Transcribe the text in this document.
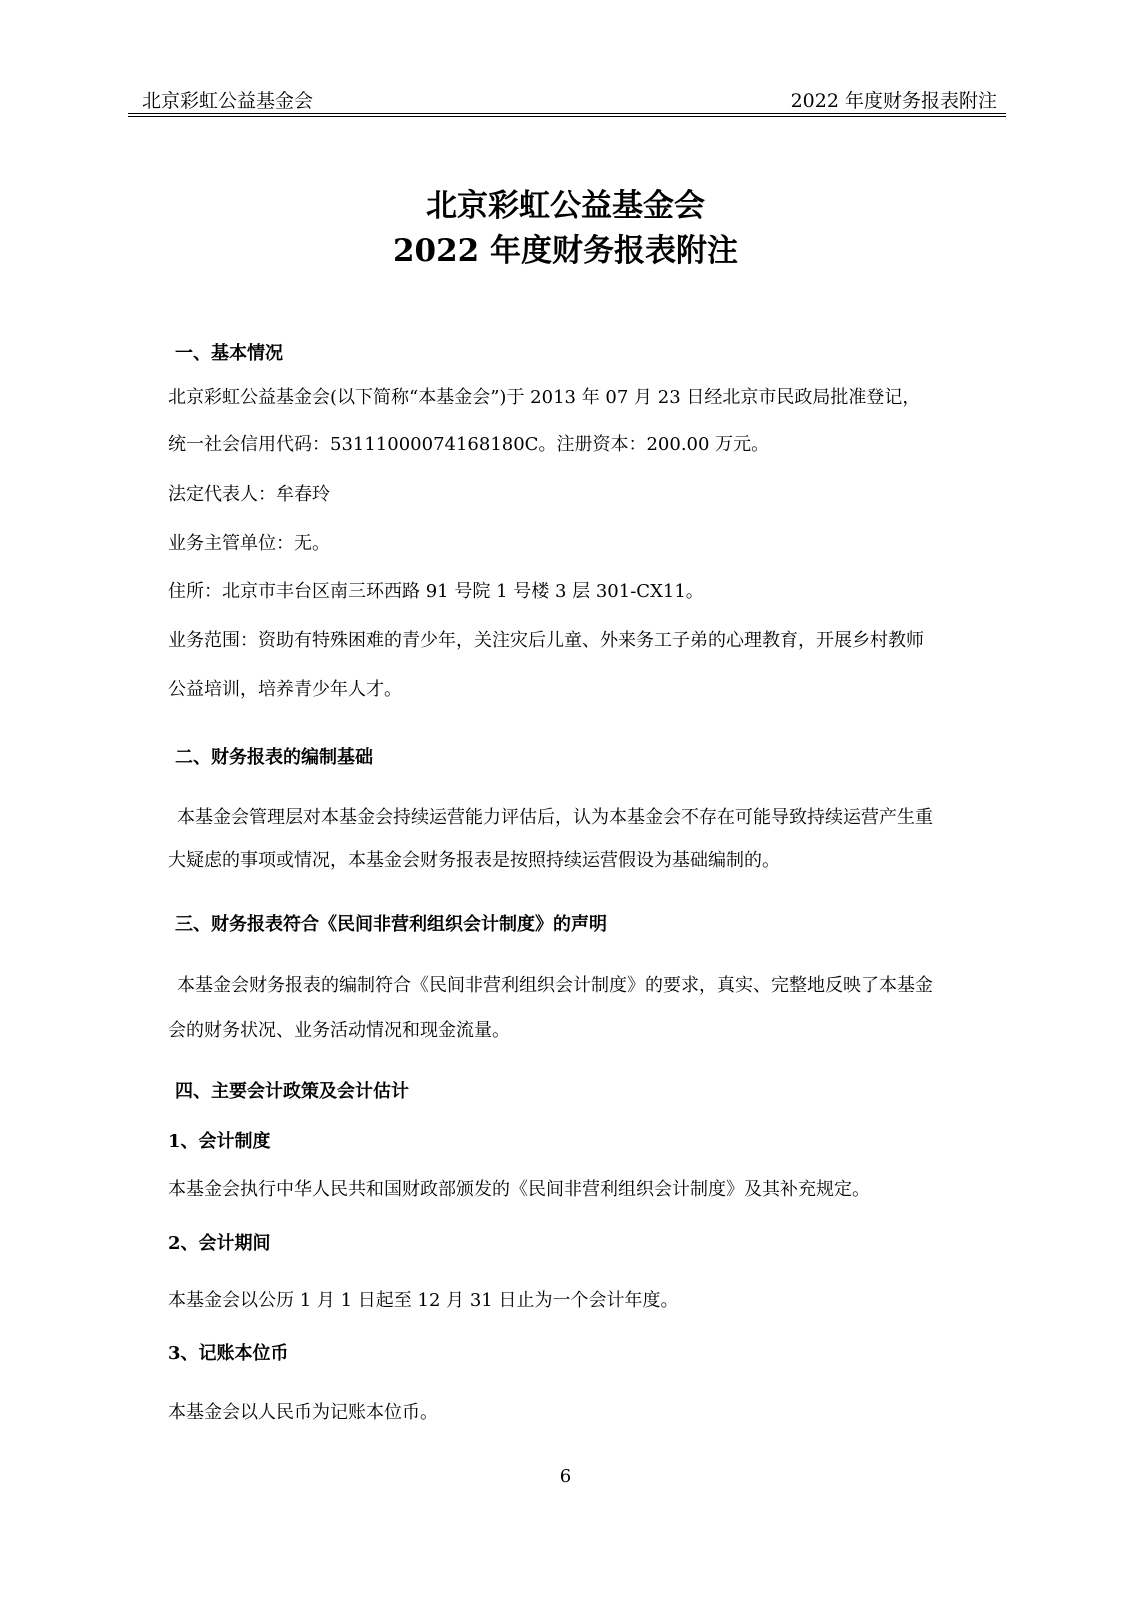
北京彩虹公益基金会	2022 年度财务报表附注
北京彩虹公益基金会
2022 年度财务报表附注
一、基本情况
北京彩虹公益基金会(以下简称“本基金会”)于 2013 年 07 月 23 日经北京市民政局批准登记，
统一社会信用代码：53111000074168180C。注册资本：200.00 万元。
法定代表人：牟春玲
业务主管单位：无。
住所：北京市丰台区南三环西路 91 号院 1 号楼 3 层 301-CX11。
业务范围：资助有特殊困难的青少年，关注灾后儿童、外来务工子弟的心理教育，开展乡村教师
公益培训，培养青少年人才。
二、财务报表的编制基础
本基金会管理层对本基金会持续运营能力评估后，认为本基金会不存在可能导致持续运营产生重
大疑虑的事项或情况，本基金会财务报表是按照持续运营假设为基础编制的。
三、财务报表符合《民间非营利组织会计制度》的声明
本基金会财务报表的编制符合《民间非营利组织会计制度》的要求，真实、完整地反映了本基金
会的财务状况、业务活动情况和现金流量。
四、主要会计政策及会计估计
1、会计制度
本基金会执行中华人民共和国财政部颁发的《民间非营利组织会计制度》及其补充规定。
2、会计期间
本基金会以公历 1 月 1 日起至 12 月 31 日止为一个会计年度。
3、记账本位币
本基金会以人民币为记账本位币。
6
